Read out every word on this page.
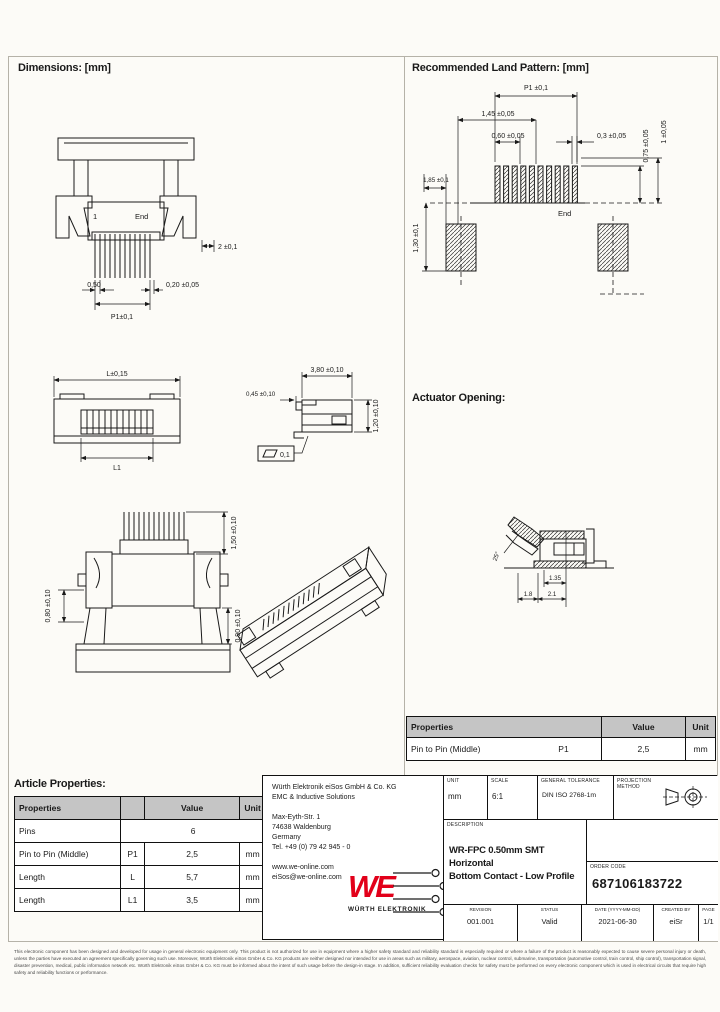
Dimensions: [mm]
1	End
0,50	0,20 ±0,05
P1±0,1
2 ±0,1
L±0,15
L1
3,80 ±0,10
0,45 ±0,10
1,20 ±0,10
0,1
0,80 ±0,10
1,50 ±0,10
0,90 ±0,10
Recommended Land Pattern: [mm]
P1 ±0,1
1,45 ±0,05
0,60 ±0,05	0,3 ±0,05 0,75 ±0,05 1 ±0,05
1,85 ±0,1
1,30 ±0,1
End
Actuator Opening:
1.35
1.8 2.1
25°
Properties	Value	Unit
Pin to Pin (Middle)	P1	2,5	mm
Article Properties:
Properties	Value	Unit
Pins	6
Pin to Pin (Middle)	P1	2,5	mm
Length	L	5,7	mm
Length	L1	3,5	mm
Würth Elektronik eiSos GmbH & Co. KG
EMC & Inductive Solutions
Max-Eyth-Str. 1
74638 Waldenburg
Germany
Tel. +49 (0) 79 42 945 - 0
www.we-online.com
eiSos@we-online.com WE
WÜRTH ELEKTRONIK
UNIT
mm
SCALE
6:1
GENERAL TOLERANCE
DIN ISO 2768-1m
PROJECTION
METHOD
DESCRIPTION
WR-FPC 0.50mm SMT Horizontal
Bottom Contact - Low Profile
ORDER CODE
687106183722
REVISION
001.001
STATUS
Valid
DATE (YYYY-MM-DD)
2021-06-30
CREATED BY
eiSr
PAGE
1/1
This electronic component has been designed and developed for usage in general electronic equipment only. This product is not authorized for use in equipment where a higher safety standard and reliability standard is especially required or where a failure of the product is reasonably expected to cause severe personal injury or death, unless the parties have executed an agreement specifically governing such use. Moreover, Würth Elektronik eiSos GmbH & Co. KG products are neither designed nor intended for use in areas such as military, aerospace, aviation, nuclear control, submarine, transportation (automotive control, train control, ship control), transportation signal, disaster prevention, medical, public information network etc. Würth Elektronik eiSos GmbH & Co. KG must be informed about the intent of such usage before the design-in stage. In addition, sufficient reliability evaluation checks for safety must be performed on every electronic component which is used in electrical circuits that require high safety and reliability functions or performance.
